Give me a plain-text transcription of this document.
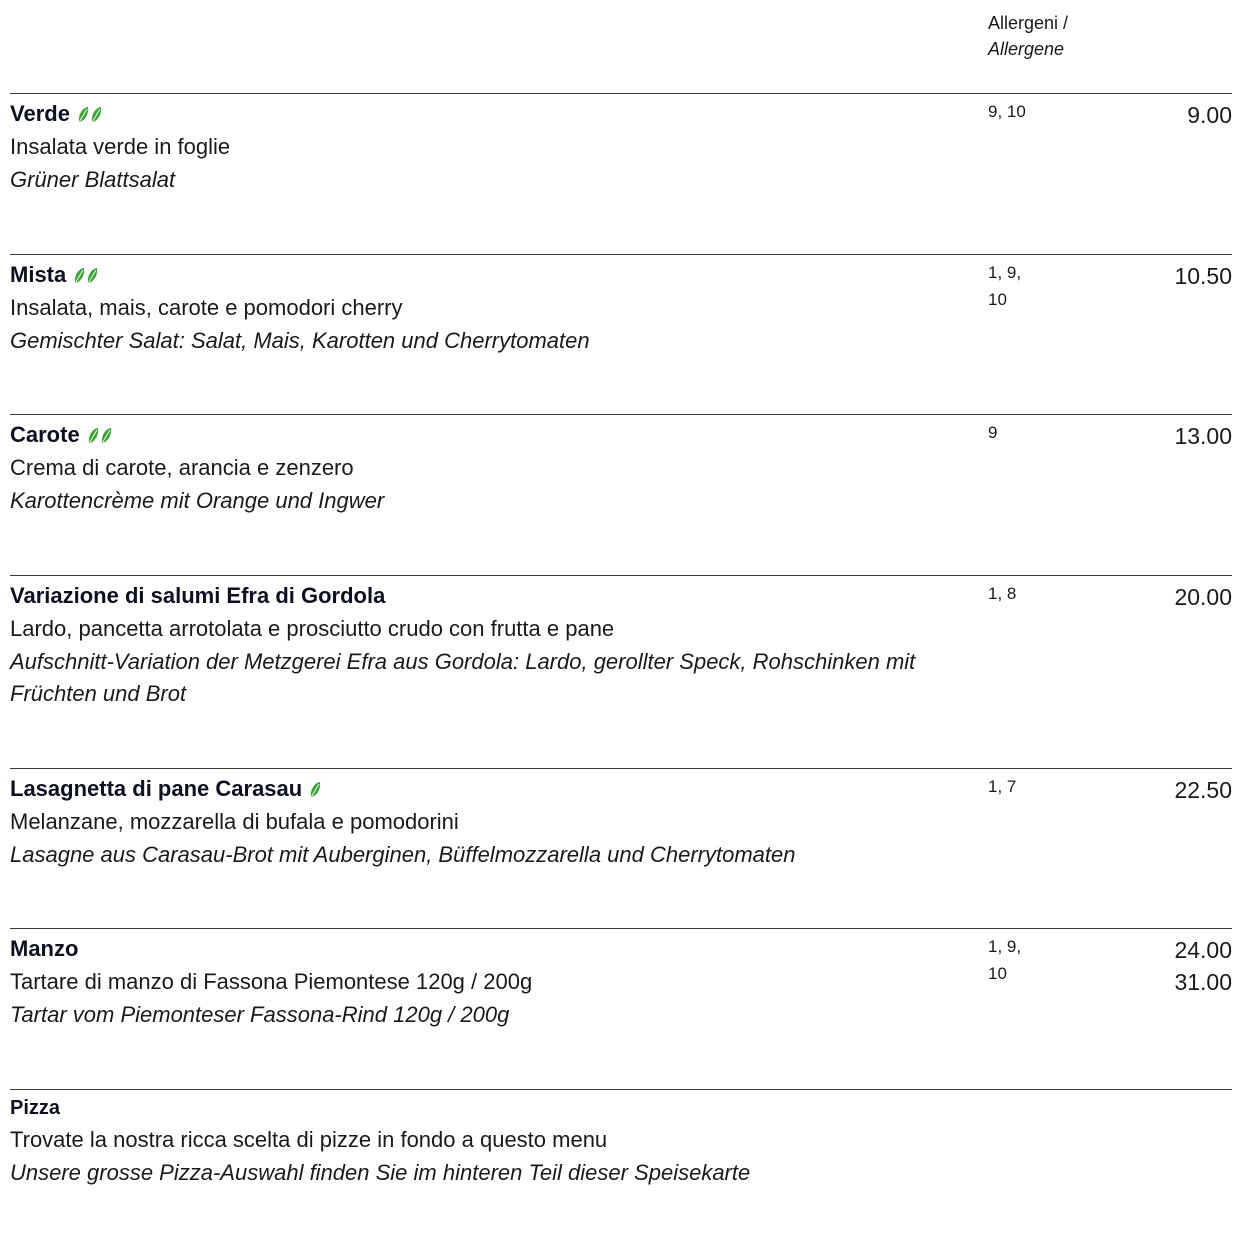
Allergeni /
Allergene
Verde
Insalata verde in foglie
Grüner Blattsalat
9, 10	9.00
Mista
Insalata, mais, carote e pomodori cherry
Gemischter Salat: Salat, Mais, Karotten und Cherrytomaten
1, 9, 10
10.50
Carote
Crema di carote, arancia e zenzero
Karottencrème mit Orange und Ingwer
9	13.00
Variazione di salumi Efra di Gordola
Lardo, pancetta arrotolata e prosciutto crudo con frutta e pane
Aufschnitt-Variation der Metzgerei Efra aus Gordola: Lardo, gerollter Speck, Rohschinken mit Früchten und Brot
1, 8	20.00
Lasagnetta di pane Carasau
Melanzane, mozzarella di bufala e pomodorini
Lasagne aus Carasau-Brot mit Auberginen, Büffelmozzarella und Cherrytomaten
1, 7	22.50
Manzo
Tartare di manzo di Fassona Piemontese 120g / 200g
Tartar vom Piemonteser Fassona-Rind 120g / 200g
1, 9, 10
24.00
31.00
Pizza
Trovate la nostra ricca scelta di pizze in fondo a questo menu
Unsere grosse Pizza-Auswahl finden Sie im hinteren Teil dieser Speisekarte
